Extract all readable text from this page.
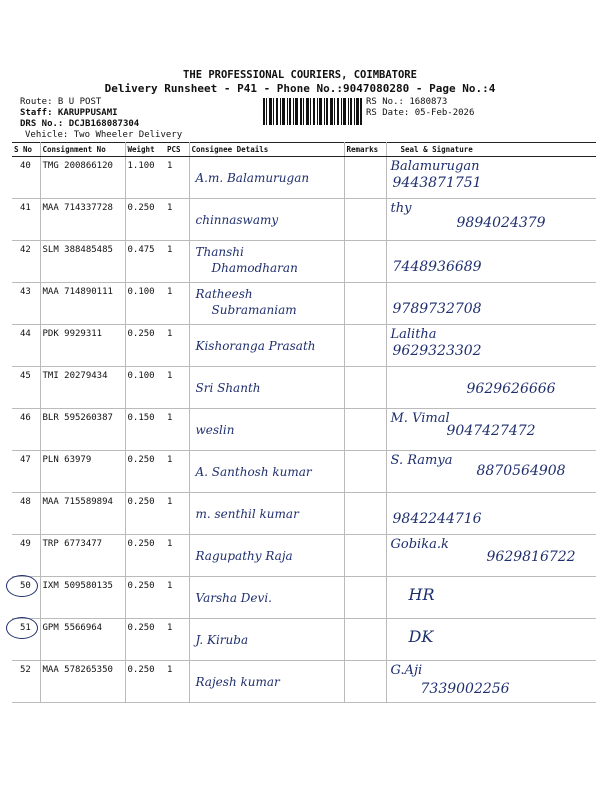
THE PROFESSIONAL COURIERS, COIMBATORE
Delivery Runsheet - P41 - Phone No.:9047080280 - Page No.:4
Route: B U POST
Staff: KARUPPUSAMI
DRS No.: DCJB168087304
Vehicle: Two Wheeler Delivery
RS No.: 1680873
RS Date: 05-Feb-2026
S No	Consignment No	Weight	PCS	Consignee Details	Remarks	Seal & Signature
40	TMG 200866120	1.100	1	A.m. Balamurugan		Balamurugan
9443871751

41	MAA 714337728	0.250	1	chinnaswamy		thy
9894024379

42	SLM 388485485	0.475	1	Thanshi
Dhamodharan		7448936689

43	MAA 714890111	0.100	1	Ratheesh
Subramaniam		9789732708

44	PDK 9929311	0.250	1	Kishoranga Prasath		Lalitha
9629323302

45	TMI 20279434	0.100	1	Sri Shanth		9629626666

46	BLR 595260387	0.150	1	weslin		M. Vimal
9047427472

47	PLN 63979	0.250	1	A. Santhosh kumar		S. Ramya
8870564908

48	MAA 715589894	0.250	1	m. senthil kumar		9842244716

49	TRP 6773477	0.250	1	Ragupathy Raja		Gobika.k
9629816722

50	IXM 509580135	0.250	1	Varsha Devi.		HR

51	GPM 5566964	0.250	1	J. Kiruba		DK

52	MAA 578265350	0.250	1	Rajesh kumar		G.Aji
7339002256
